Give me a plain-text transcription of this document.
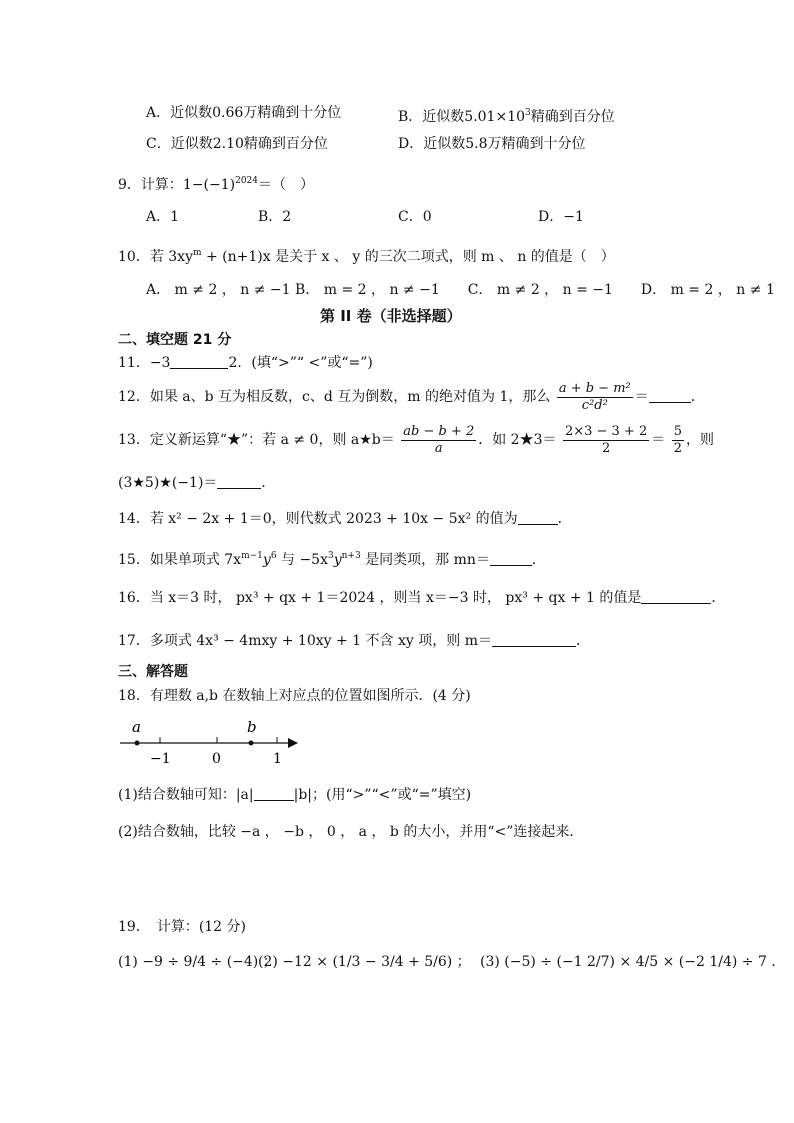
A．近似数0.66万精确到十分位	B．近似数$5.01\times 10^3$精确到百分位
C．近似数2.10精确到百分位	D．近似数5.8万精确到十分位
9．计算：$1-(-1)^{2024}=$（　）
A．1	B．2	C．0	D．−1
10．若 $3xy^m + (n+1)x$ 是关于 x 、 y 的三次二项式，则 m 、 n 的值是（　）
A． m ≠ 2 ， n ≠ −1 B． m = 2 ， n ≠ −1　　C． m ≠ 2 ， n = −1　　D． m = 2 ， n ≠ 1
第 II 卷（非选择题）
二、填空题 21 分
11．−3	2．(填“>”“ <”或“=”)
12．如果 a、b 互为相反数，c、d 互为倒数，m 的绝对值为 1，那么 $\frac{\text{a + b − m²}}{\text{c²d²}}$ ＝	．
13．定义新运算“★”：若 a ≠ 0，则 a★b＝ $\frac{ab - b + 2}{a}$ ．如 2★3＝ $\frac{2\times 3 - 3 + 2}{2} = \frac{5}{2}$ ，则
(3★5)★(−1)＝	．
14．若 x² − 2x + 1＝0，则代数式 2023 + 10x − 5x² 的值为	．
15．如果单项式 $7x^{m-1}y^6$ 与 $-5x^3y^{n+3}$ 是同类项，那 mn＝	．
16．当 x＝3 时， px³ + qx + 1＝2024 ，则当 x＝−3 时， px³ + qx + 1 的值是	．
17．多项式 4x³ − 4mxy + 10xy + 1 不含 xy 项，则 m＝	．
三、解答题
18．有理数 a,b 在数轴上对应点的位置如图所示．(4 分)
a	b
−1	0	1
(1)结合数轴可知：|a|	|b|；(用“>”“<”或“=”填空)
(2)结合数轴，比较 −a ， −b ， 0 ， a ， b 的大小，并用“<”连接起来．
19．　计算：(12 分)
(1) −9 ÷ 9/4 ÷ (−4) ；
(2) −12 × (1/3 − 3/4 + 5/6) ； (3) (−5) ÷ (−1 2/7) × 4/5 × (−2 1/4) ÷ 7 ．
